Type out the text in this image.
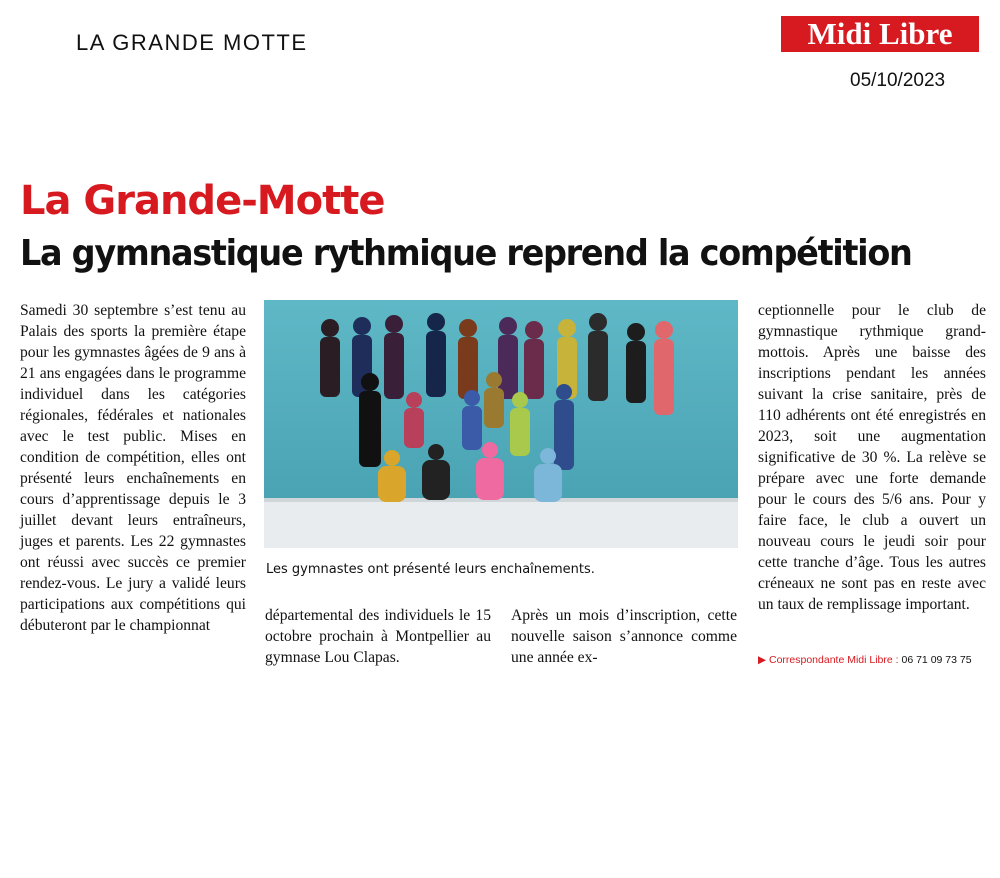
LA GRANDE MOTTE	Midi Libre
05/10/2023
La Grande-Motte
La gymnastique rythmique reprend la compétition

Samedi 30 septembre s’est tenu au Palais des sports la première étape pour les gymnastes âgées de 9 ans à 21 ans engagées dans le programme individuel dans les catégories régionales, fédérales et nationales avec le test public. Mises en condition de compétition, elles ont présenté leurs enchaînements en cours d’apprentissage depuis le 3 juillet devant leurs entraîneurs, juges et parents. Les 22 gymnastes ont réussi avec succès ce premier rendez-vous. Le jury a validé leurs participations aux compétitions qui débuteront par le championnat

Les gymnastes ont présenté leurs enchaînements.

départemental des individuels le 15 octobre prochain à Montpellier au gymnase Lou Clapas.

Après un mois d’inscription, cette nouvelle saison s’annonce comme une année ex-

ceptionnelle pour le club de gymnastique rythmique grand-mottois. Après une baisse des inscriptions pendant les années suivant la crise sanitaire, près de 110 adhérents ont été enregistrés en 2023, soit une augmentation significative de 30 %. La relève se prépare avec une forte demande pour le cours des 5/6 ans. Pour y faire face, le club a ouvert un nouveau cours le jeudi soir pour cette tranche d’âge. Tous les autres créneaux ne sont pas en reste avec un taux de remplissage important.

▶ Correspondante Midi Libre : 06 71 09 73 75
